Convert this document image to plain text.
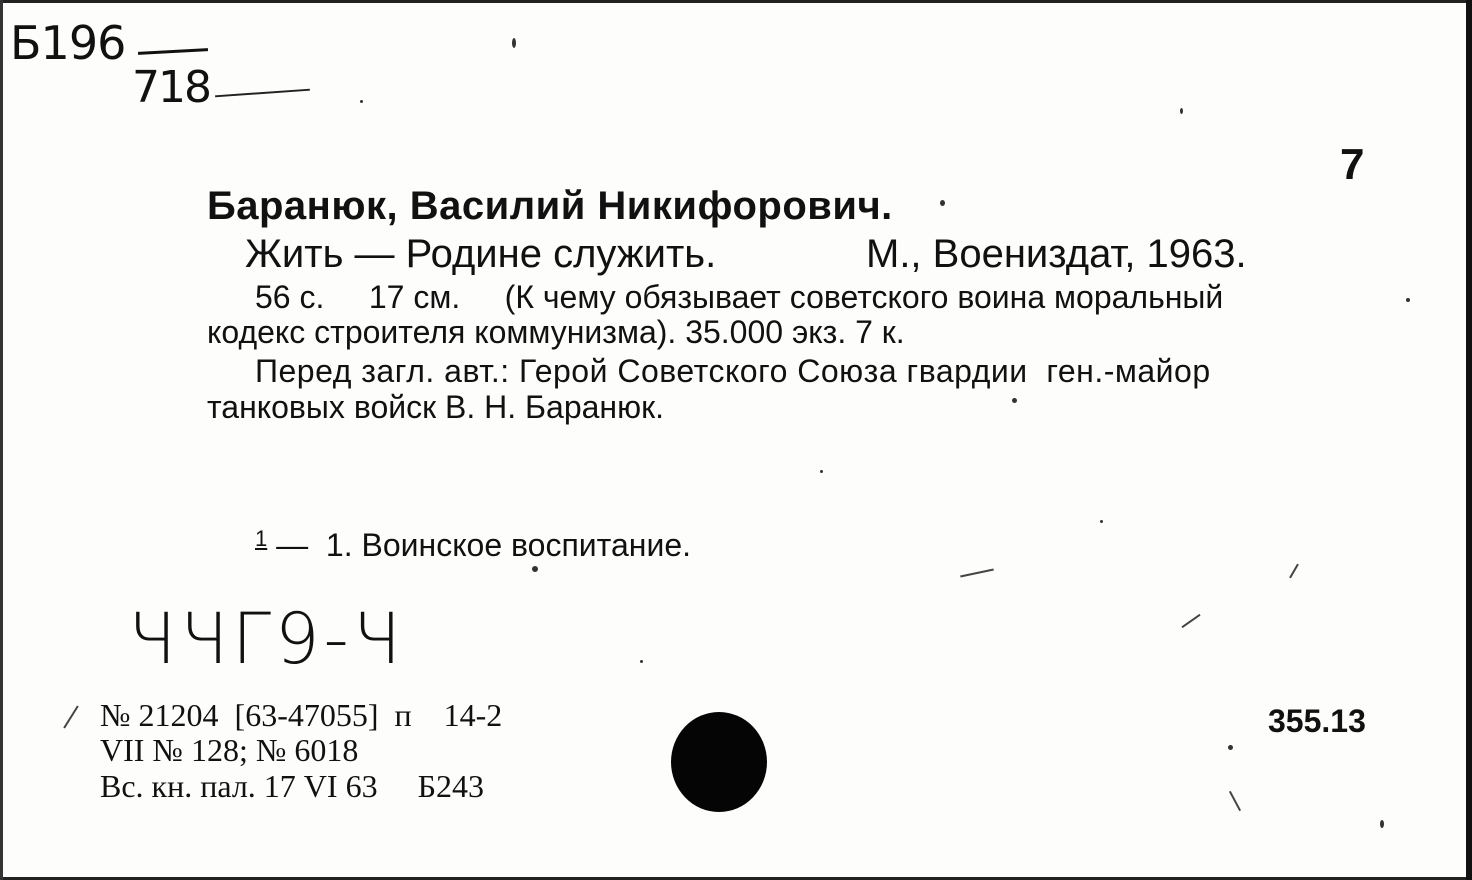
Б196
718
7
Баранюк, Василий Никифорович.
Жить — Родине служить.	М., Воениздат, 1963.
56 с.     17 см.     (К чему обязывает советского воина моральный
кодекс строителя коммунизма). 35.000 экз. 7 к.
Перед загл. авт.: Герой Советского Союза гвардии  ген.-майор
танковых войск В. Н. Баранюк.
$^1$ —  1. Воинское воспитание.
ЧЧГ9-Ч
№ 21204  [63-47055]  п    14-2
VII № 128; № 6018
Вс. кн. пал. 17 VI 63     Б243
355.13
